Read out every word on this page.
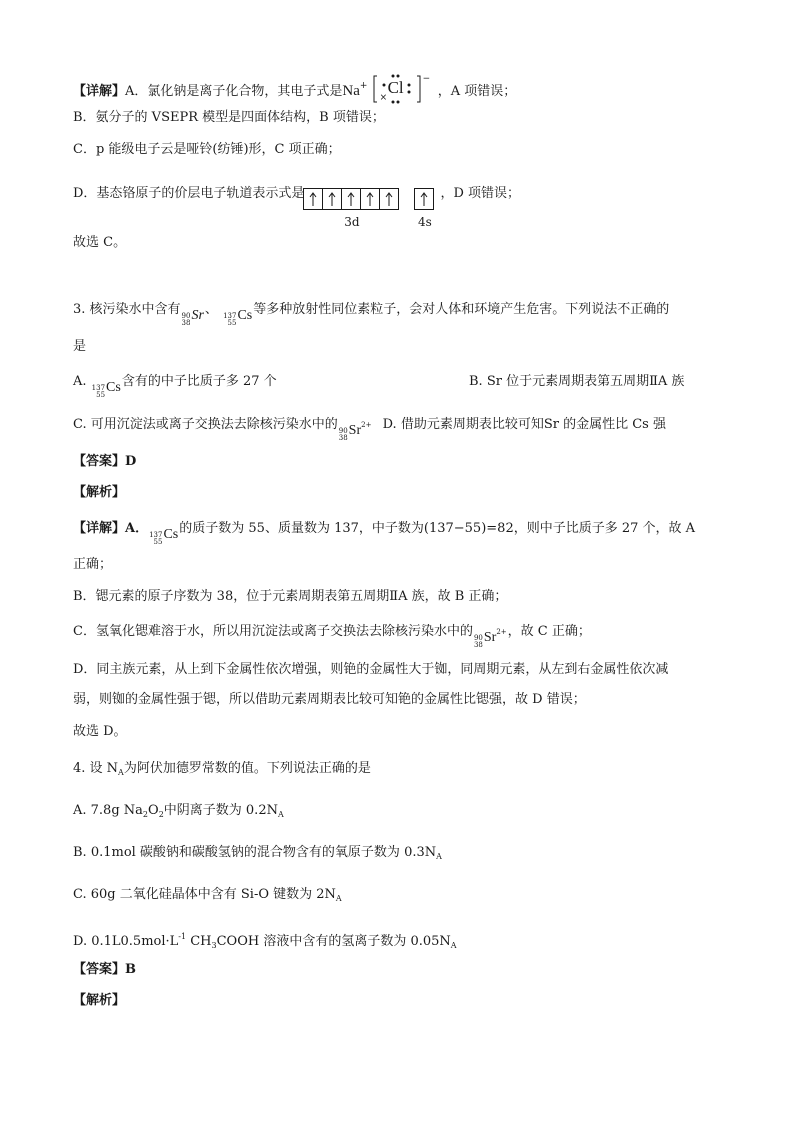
【详解】A．氯化钠是离子化合物，其电子式是Na+ Cl
×
−
，A 项错误；
B．氨分子的 VSEPR 模型是四面体结构，B 项错误；
C．p 能级电子云是哑铃(纺锤)形，C 项正确；
D．基态铬原子的价层电子轨道表示式是
3d	4s
，D 项错误；
故选 C。
3. 核污染水中含有 90
38 Sr、 137
55 Cs等多种放射性同位素粒子，会对人体和环境产生危害。下列说法不正确的
是
A. 137
55 Cs含有的中子比质子多 27 个	B. Sr 位于元素周期表第五周期ⅡA 族
C. 可用沉淀法或离子交换法去除核污染水中的 90
38 $Sr^{2+}$ D. 借助元素周期表比较可知Sr 的金属性比 Cs 强
【答案】D
【解析】
【详解】A． 137
55 Cs的质子数为 55、质量数为 137，中子数为(137−55)=82，则中子比质子多 27 个，故 A
正确；
B．锶元素的原子序数为 38，位于元素周期表第五周期ⅡA 族，故 B 正确；
C．氢氧化锶难溶于水，所以用沉淀法或离子交换法去除核污染水中的 90
38 $Sr^{2+}$，故 C 正确；
D．同主族元素，从上到下金属性依次增强，则铯的金属性大于铷，同周期元素，从左到右金属性依次减
弱，则铷的金属性强于锶，所以借助元素周期表比较可知铯的金属性比锶强，故 D 错误；
故选 D。
4. 设 $N_A$为阿伏加德罗常数的值。下列说法正确的是
A. 7.8g $Na_2O_2$中阴离子数为 $0.2N_A$
B. 0.1mol 碳酸钠和碳酸氢钠的混合物含有的氧原子数为 $0.3N_A$
C. 60g 二氧化硅晶体中含有 Si-O 键数为 $2N_A$
D. $0.1L0.5mol\cdot L^{-1}$ $CH_3COOH$ 溶液中含有的氢离子数为 $0.05N_A$
【答案】B
【解析】
